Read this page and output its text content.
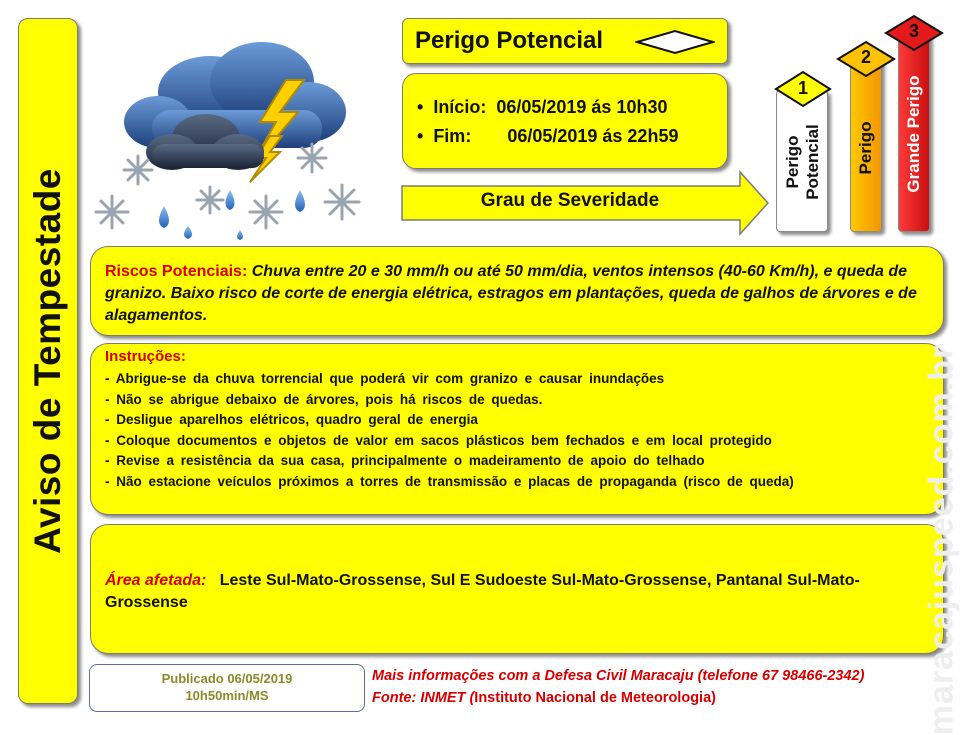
Aviso de Tempestade
Perigo Potencial
•  Início: 06/05/2019 ás 10h30
•  Fim: 06/05/2019 ás 22h59
Grau de Severidade
1
Perigo Potencial
2
Perigo
3
Grande Perigo
Riscos Potenciais: Chuva entre 20 e 30 mm/h ou até 50 mm/dia, ventos intensos (40-60 Km/h), e queda de granizo. Baixo risco de corte de energia elétrica, estragos em plantações, queda de galhos de árvores e de alagamentos.
Instruções:
- Abrigue-se da chuva torrencial que poderá vir com granizo e causar inundações
- Não se abrigue debaixo de árvores, pois há riscos de quedas.
- Desligue aparelhos elétricos, quadro geral de energia
- Coloque documentos e objetos de valor em sacos plásticos bem fechados e em local protegido
- Revise a resistência da sua casa, principalmente o madeiramento de apoio do telhado
- Não estacione veículos próximos a torres de transmissão e placas de propaganda (risco de queda)
Área afetada: Leste Sul-Mato-Grossense, Sul E Sudoeste Sul-Mato-Grossense, Pantanal Sul-Mato-Grossense
Publicado 06/05/2019
10h50min/MS
Mais informações com a Defesa Civil Maracaju (telefone 67 98466-2342)
Fonte: INMET (Instituto Nacional de Meteorologia)	maracajuspeed.com.br
